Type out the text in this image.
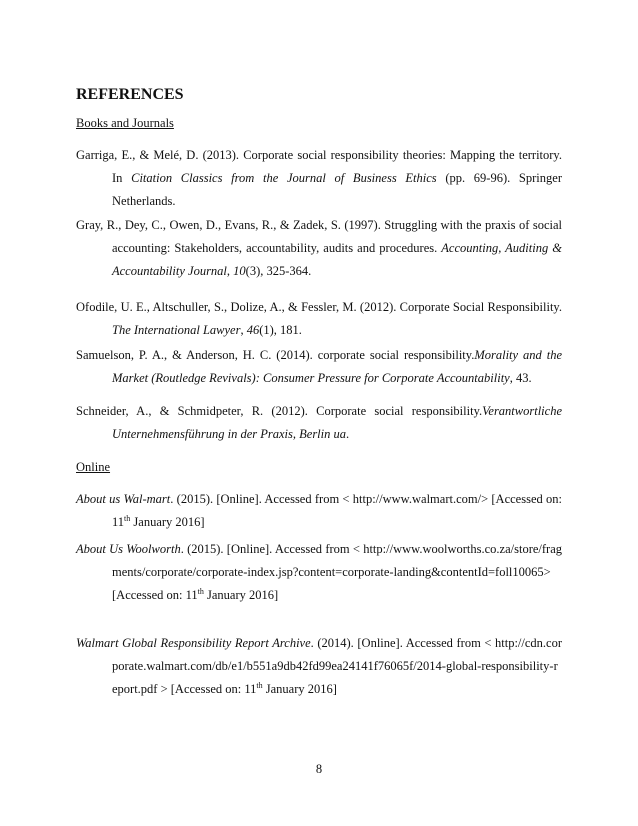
REFERENCES
Books and Journals
Garriga, E., & Melé, D. (2013). Corporate social responsibility theories: Mapping the territory. In Citation Classics from the Journal of Business Ethics (pp. 69-96). Springer Netherlands.
Gray, R., Dey, C., Owen, D., Evans, R., & Zadek, S. (1997). Struggling with the praxis of social accounting: Stakeholders, accountability, audits and procedures. Accounting, Auditing & Accountability Journal, 10(3), 325-364.
Ofodile, U. E., Altschuller, S., Dolize, A., & Fessler, M. (2012). Corporate Social Responsibility. The International Lawyer, 46(1), 181.
Samuelson, P. A., & Anderson, H. C. (2014). corporate social responsibility.Morality and the Market (Routledge Revivals): Consumer Pressure for Corporate Accountability, 43.
Schneider, A., & Schmidpeter, R. (2012). Corporate social responsibility.Verantwortliche Unternehmensführung in der Praxis, Berlin ua.
Online
About us Wal-mart. (2015). [Online]. Accessed from < http://www.walmart.com/> [Accessed on: 11th January 2016]
About Us Woolworth. (2015). [Online]. Accessed from < http://www.woolworths.co.za/store/fragments/corporate/corporate-index.jsp?content=corporate-landing&contentId=foll10065> [Accessed on: 11th January 2016]
Walmart Global Responsibility Report Archive. (2014). [Online]. Accessed from < http://cdn.corporate.walmart.com/db/e1/b551a9db42fd99ea24141f76065f/2014-global-responsibility-report.pdf > [Accessed on: 11th January 2016]
8
